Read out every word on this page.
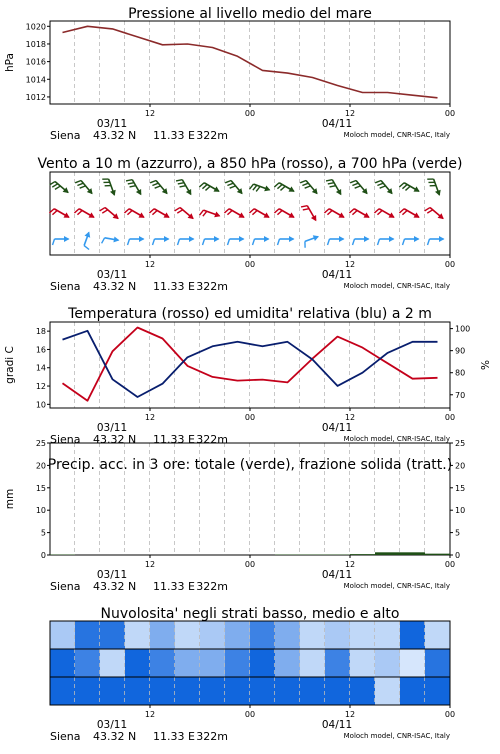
12	00	12	00
03/11	04/11
Siena 43.32 N 11.33 E 322m	Moloch model, CNR-ISAC, Italy
Pressione al livello medio del mare
1012
1014
1016
1018
1020
hPa
12	00	12	00
03/11	04/11
Siena 43.32 N 11.33 E 322m	Moloch model, CNR-ISAC, Italy
Vento a 10 m (azzurro), a 850 hPa (rosso), a 700 hPa (verde)
12	00	12	00
03/11	04/11
Siena 43.32 N 11.33 E 322m	Moloch model, CNR-ISAC, Italy
Temperatura (rosso) ed umidita' relativa (blu) a 2 m
10
12
14
16
18
gradi C
70
80
90
100
%
12	00	12	00
03/11	04/11
Siena 43.32 N 11.33 E 322m	Moloch model, CNR-ISAC, Italy
Precip. acc. in 3 ore: totale (verde), frazione solida (tratt.)
0
5
10
15
20
25
mm
0
5
10
15
20
25
12	00	12	00
03/11	04/11
Siena 43.32 N 11.33 E 322m	Moloch model, CNR-ISAC, Italy
Nuvolosita' negli strati basso, medio e alto
